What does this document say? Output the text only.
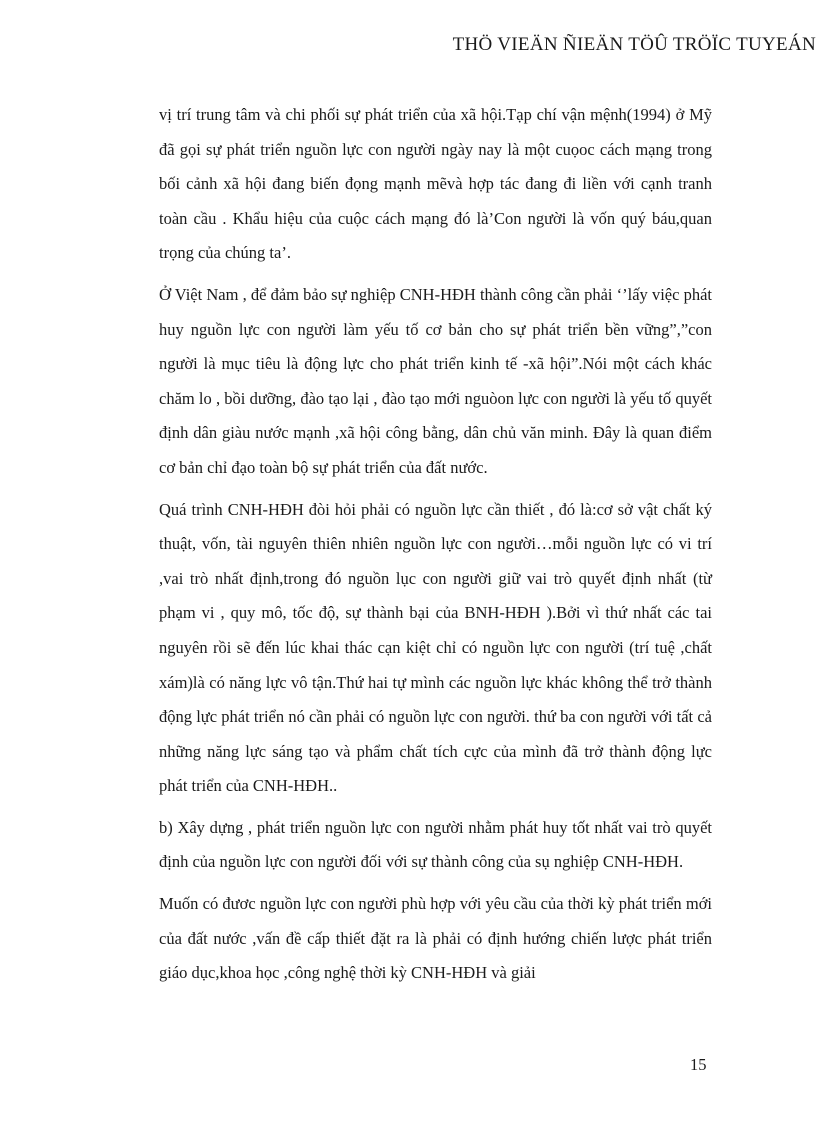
THÖ VIEÄN ÑIEÄN TÖÛ TRÖÏC TUYEÁN

vị trí trung tâm và chi phối sự phát triển của xã hội.Tạp chí vận mệnh(1994) ở Mỹ đã gọi sự phát triển nguồn lực con người ngày nay là một cuọoc cách mạng trong bối cảnh xã hội đang biến đọng mạnh mẽvà hợp tác đang đi liền với cạnh tranh toàn cầu . Khẩu hiệu của cuộc cách mạng đó là’Con người là vốn quý báu,quan trọng của chúng ta’.

Ở Việt Nam , để đảm bảo sự nghiệp CNH-HĐH thành công cần phải ‘’lấy việc phát huy nguồn lực con người làm yếu tố cơ bản cho sự phát triển bền vững”,”con người là mục tiêu là động lực cho phát triển kinh tế -xã hội”.Nói một cách khác chăm lo , bồi dưỡng, đào tạo lại , đào tạo mới nguòon lực con người là yếu tố quyết định dân giàu nước mạnh ,xã hội công bằng, dân chủ văn minh. Đây là quan điểm cơ bản chỉ đạo toàn bộ sự phát triển của đất nước.

Quá trình CNH-HĐH đòi hỏi phải có nguồn lực cần thiết , đó là:cơ sở vật chất ký thuật, vốn, tài nguyên thiên nhiên nguồn lực con người…mỗi nguồn lực có vi trí ,vai trò nhất định,trong đó nguồn lục con người giữ vai trò quyết định nhất (từ phạm vi , quy mô, tốc độ, sự thành bại của BNH-HĐH ).Bởi vì thứ nhất các tai nguyên rồi sẽ đến lúc khai thác cạn kiệt chỉ có nguồn lực con người (trí tuệ ,chất xám)là có năng lực vô tận.Thứ hai tự mình các nguồn lực khác không thể trở thành động lực phát triển nó cần phải có nguồn lực con người. thứ ba con người với tất cả những năng lực sáng tạo và phẩm chất tích cực của mình đã trở thành động lực phát triển của CNH-HĐH..

b) Xây dựng , phát triển nguồn lực con người nhằm phát huy tốt nhất vai trò quyết định của nguồn lực con người đối với sự thành công của sụ nghiệp CNH-HĐH.

Muốn có đươc nguồn lực con người phù hợp với yêu cầu của thời kỳ phát triển mới của đất nước ,vấn đề cấp thiết đặt ra là phải có định hướng chiến lược phát triển giáo dục,khoa học ,công nghệ thời kỳ CNH-HĐH và giải

15
